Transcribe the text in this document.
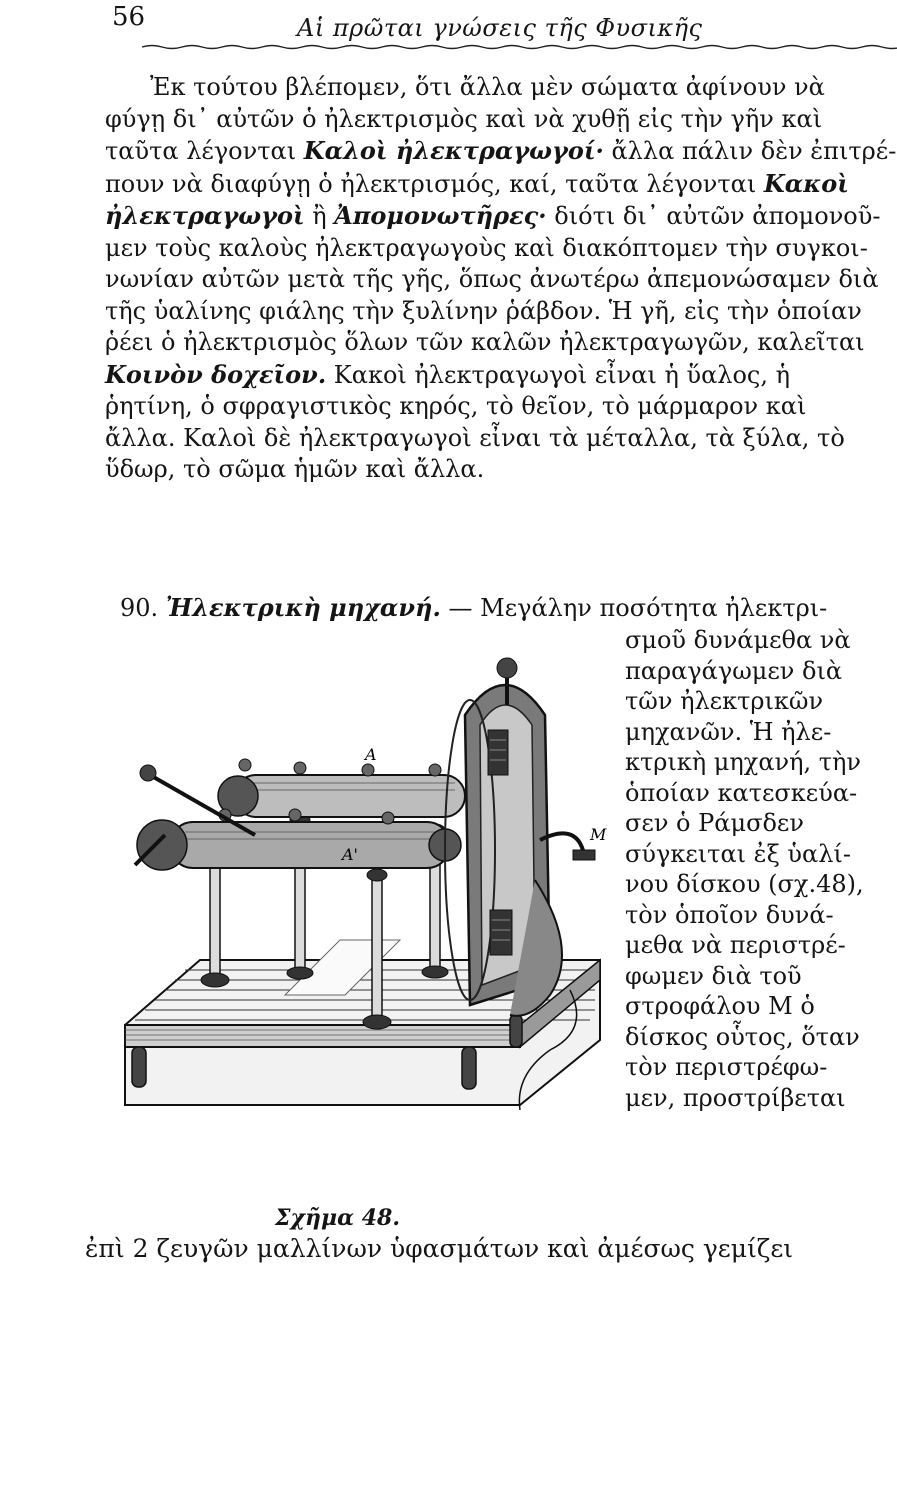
56	Αἱ πρῶται γνώσεις τῆς Φυσικῆς
Ἐκ τούτου βλέπομεν, ὅτι ἄλλα μὲν σώματα ἀφίνουν νὰ
φύγῃ δι᾽ αὐτῶν ὁ ἠλεκτρισμὸς καὶ νὰ χυθῇ εἰς τὴν γῆν καὶ
ταῦτα λέγονται Καλοὶ ἠλεκτραγωγοί· ἄλλα πάλιν δὲν ἐπιτρέ-
πουν νὰ διαφύγῃ ὁ ἠλεκτρισμός, καί, ταῦτα λέγονται Κακοὶ
ἠλεκτραγωγοὶ ἢ Ἀπομονωτῆρες· διότι δι᾽ αὐτῶν ἀπομονοῦ-
μεν τοὺς καλοὺς ἠλεκτραγωγοὺς καὶ διακόπτομεν τὴν συγκοι-
νωνίαν αὐτῶν μετὰ τῆς γῆς, ὅπως ἀνωτέρω ἀπεμονώσαμεν διὰ
τῆς ὑαλίνης φιάλης τὴν ξυλίνην ῥάβδον. Ἡ γῆ, εἰς τὴν ὁποίαν
ῥέει ὁ ἠλεκτρισμὸς ὅλων τῶν καλῶν ἠλεκτραγωγῶν, καλεῖται
Κοινὸν δοχεῖον. Κακοὶ ἠλεκτραγωγοὶ εἶναι ἡ ὕαλος, ἡ
ῥητίνη, ὁ σφραγιστικὸς κηρός, τὸ θεῖον, τὸ μάρμαρον καὶ
ἄλλα. Καλοὶ δὲ ἠλεκτραγωγοὶ εἶναι τὰ μέταλλα, τὰ ξύλα, τὸ
ὕδωρ, τὸ σῶμα ἡμῶν καὶ ἄλλα.
90. Ἠλεκτρικὴ μηχανή. — Μεγάλην ποσότητα ἠλεκτρι-
σμοῦ δυνάμεθα νὰ
παραγάγωμεν διὰ
τῶν ἠλεκτρικῶν
μηχανῶν. Ἡ ἠλε-
κτρικὴ μηχανή, τὴν
ὁποίαν κατεσκεύα-
σεν ὁ Ράμσδεν
σύγκειται ἐξ ὑαλί-
νου δίσκου (σχ.48),
τὸν ὁποῖον δυνά-
μεθα νὰ περιστρέ-
φωμεν διὰ τοῦ
στροφάλου Μ ὁ
δίσκος οὗτος, ὅταν
τὸν περιστρέφω-
μεν, προστρίβεται
A
A'
M
Σχῆμα 48.
ἐπὶ 2 ζευγῶν μαλλίνων ὑφασμάτων καὶ ἀμέσως γεμίζει
